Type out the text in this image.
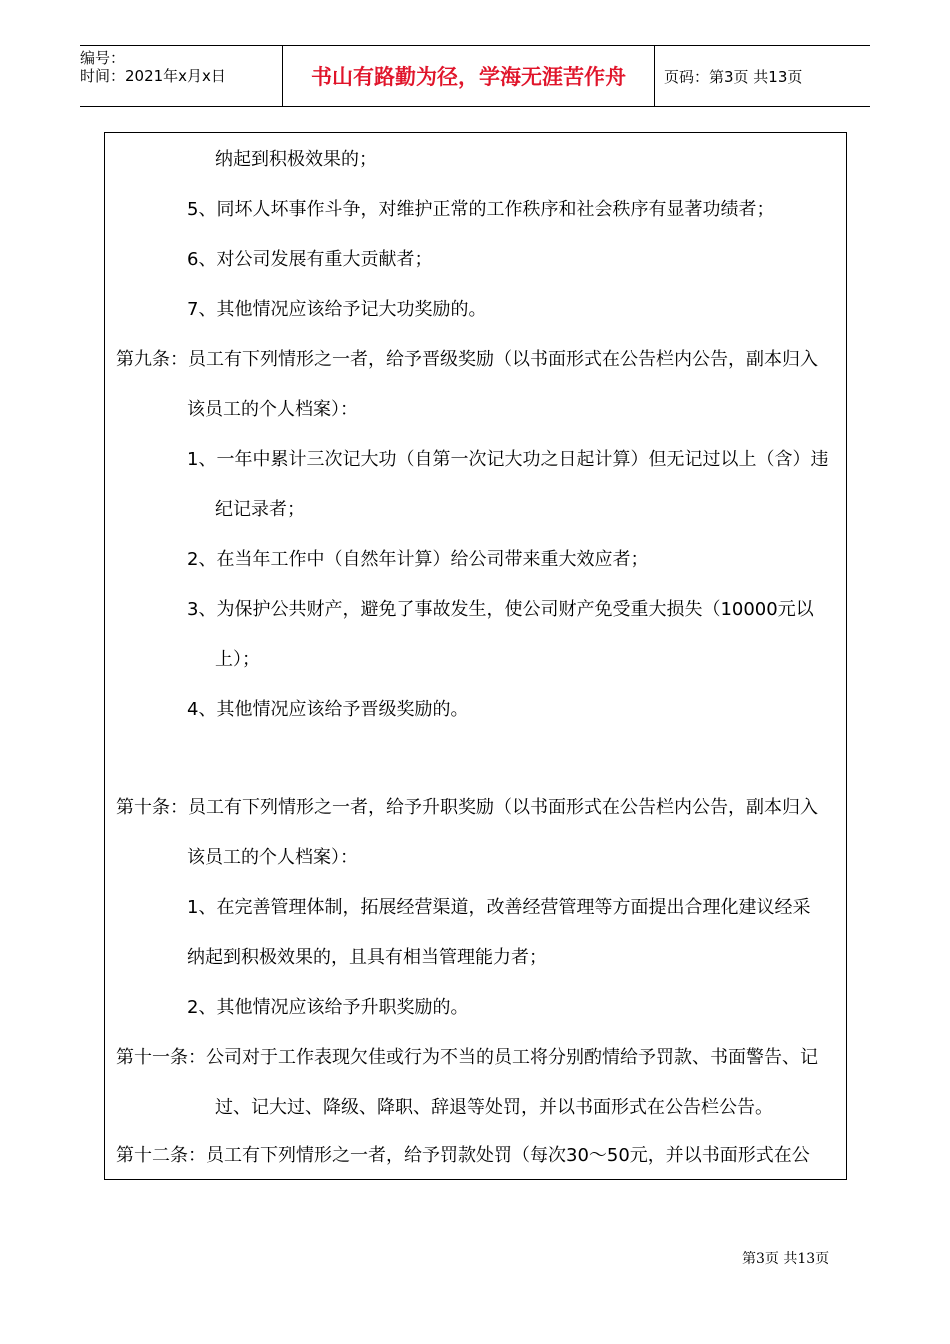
编号：
时间：2021年x月x日	书山有路勤为径，学海无涯苦作舟	页码：第3页 共13页
纳起到积极效果的；
5、同坏人坏事作斗争，对维护正常的工作秩序和社会秩序有显著功绩者；
6、对公司发展有重大贡献者；
7、其他情况应该给予记大功奖励的。
第九条：员工有下列情形之一者，给予晋级奖励（以书面形式在公告栏内公告，副本归入
该员工的个人档案）：
1、一年中累计三次记大功（自第一次记大功之日起计算）但无记过以上（含）违
纪记录者；
2、在当年工作中（自然年计算）给公司带来重大效应者；
3、为保护公共财产，避免了事故发生，使公司财产免受重大损失（10000元以
上）；
4、其他情况应该给予晋级奖励的。
第十条：员工有下列情形之一者，给予升职奖励（以书面形式在公告栏内公告，副本归入
该员工的个人档案）：
1、在完善管理体制，拓展经营渠道，改善经营管理等方面提出合理化建议经采
纳起到积极效果的，且具有相当管理能力者；
2、其他情况应该给予升职奖励的。
第十一条：公司对于工作表现欠佳或行为不当的员工将分别酌情给予罚款、书面警告、记
过、记大过、降级、降职、辞退等处罚，并以书面形式在公告栏公告。
第十二条：员工有下列情形之一者，给予罚款处罚（每次30～50元，并以书面形式在公
第3页 共13页
